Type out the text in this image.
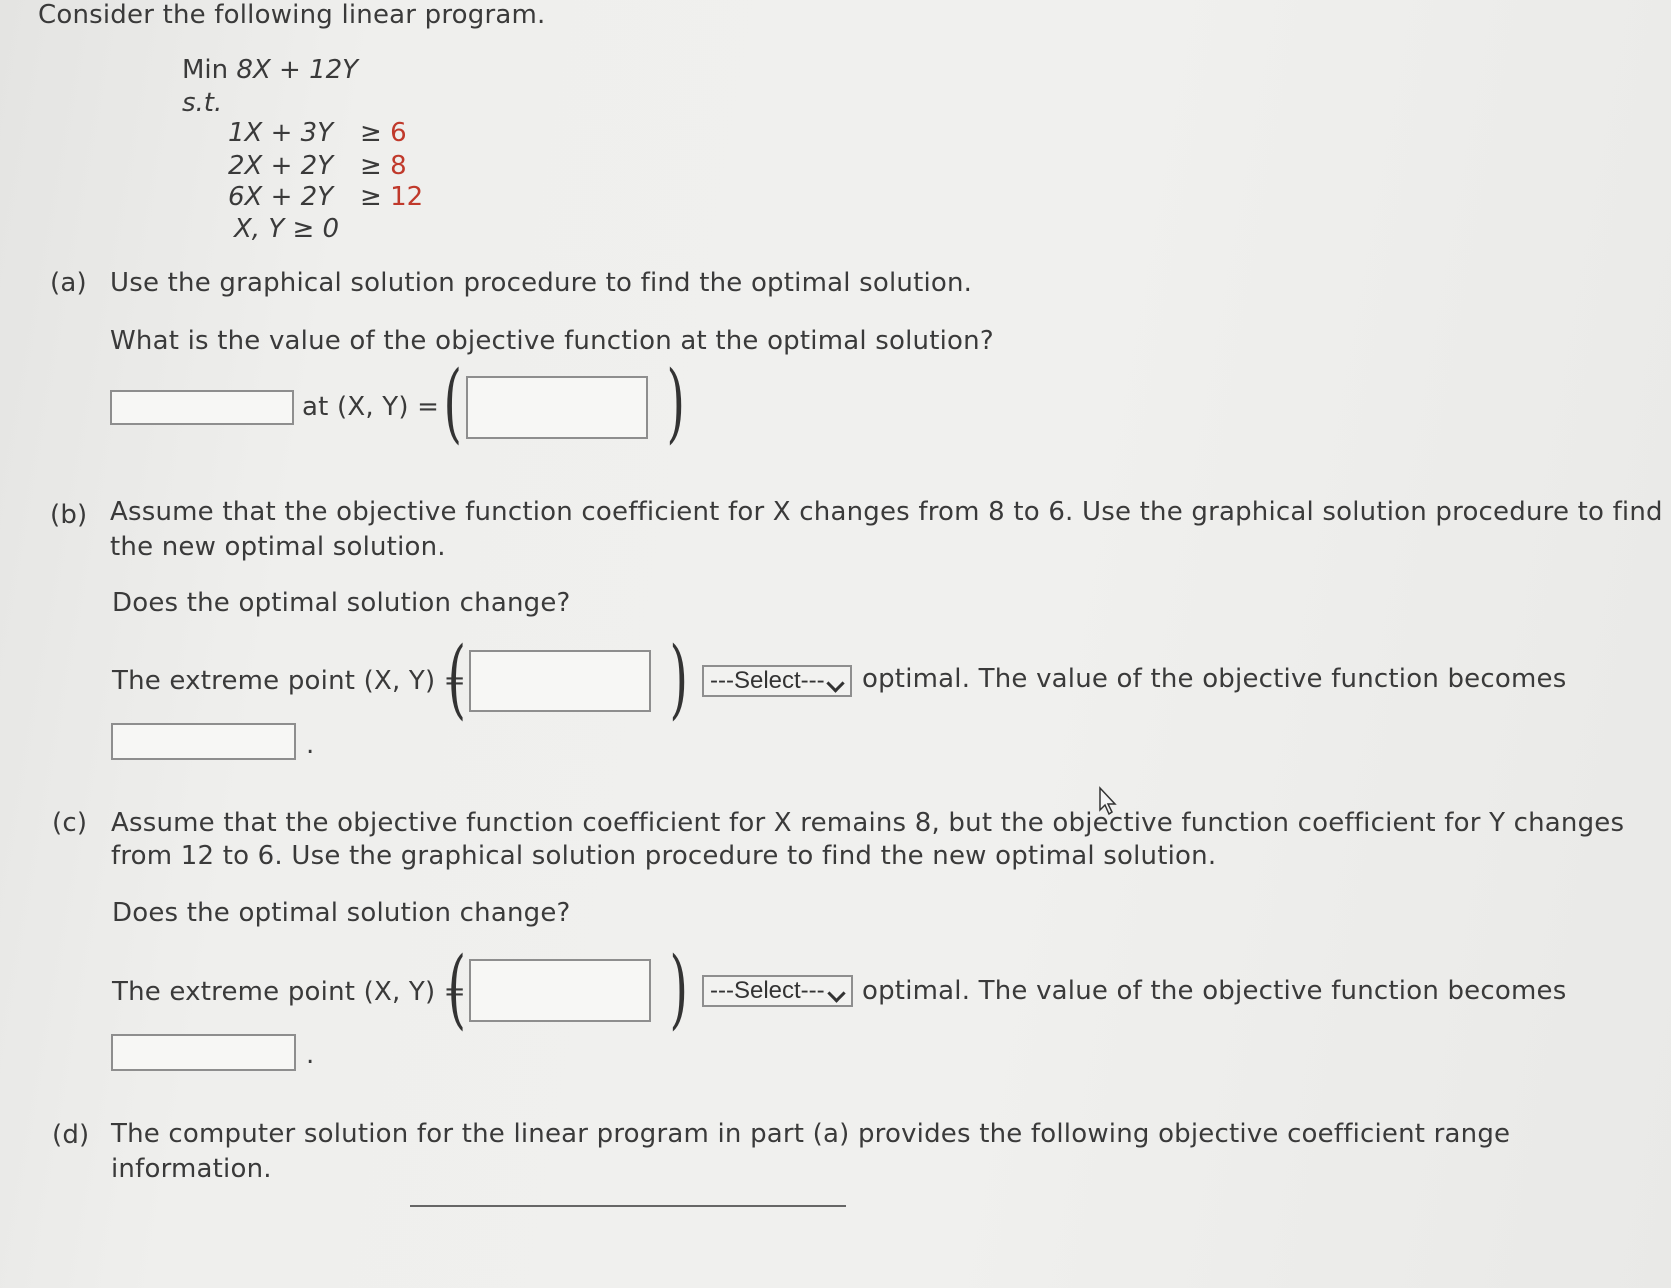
Consider the following linear program.
Min 8X + 12Y
s.t.
1X + 3Y ≥ 6
2X + 2Y ≥ 8
6X + 2Y ≥ 12
X, Y ≥ 0
(a) Use the graphical solution procedure to find the optimal solution.
What is the value of the objective function at the optimal solution?
at (X, Y) = ( )
(b) Assume that the objective function coefficient for X changes from 8 to 6. Use the graphical solution procedure to find
the new optimal solution.
Does the optimal solution change?
The extreme point (X, Y) =
( ) ---Select--- optimal. The value of the objective function becomes
.
(c) Assume that the objective function coefficient for X remains 8, but the objective function coefficient for Y changes
from 12 to 6. Use the graphical solution procedure to find the new optimal solution.
Does the optimal solution change?
The extreme point (X, Y) =
( ) ---Select--- optimal. The value of the objective function becomes
.
(d) The computer solution for the linear program in part (a) provides the following objective coefficient range
information.
